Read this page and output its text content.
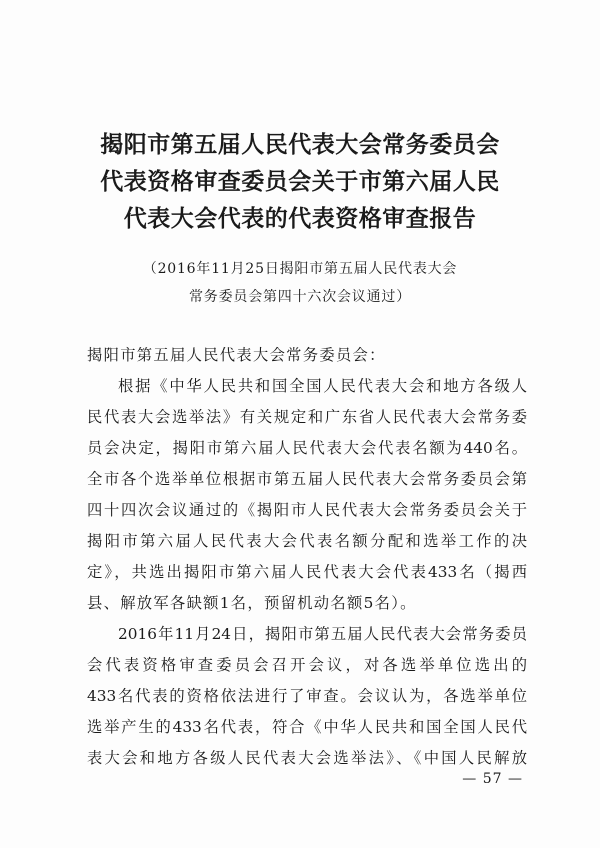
揭阳市第五届人民代表大会常务委员会
代表资格审查委员会关于市第六届人民
代表大会代表的代表资格审查报告
（2016年11月25日揭阳市第五届人民代表大会
常务委员会第四十六次会议通过）
揭阳市第五届人民代表大会常务委员会：
根据《中华人民共和国全国人民代表大会和地方各级人
民代表大会选举法》有关规定和广东省人民代表大会常务委
员会决定，揭阳市第六届人民代表大会代表名额为440名。
全市各个选举单位根据市第五届人民代表大会常务委员会第
四十四次会议通过的《揭阳市人民代表大会常务委员会关于
揭阳市第六届人民代表大会代表名额分配和选举工作的决
定》，共选出揭阳市第六届人民代表大会代表433名（揭西
县、解放军各缺额1名，预留机动名额5名）。
2016年11月24日，揭阳市第五届人民代表大会常务委员
会代表资格审查委员会召开会议，对各选举单位选出的
433名代表的资格依法进行了审查。会议认为，各选举单位
选举产生的433名代表，符合《中华人民共和国全国人民代
表大会和地方各级人民代表大会选举法》、《中国人民解放
— 57 —
